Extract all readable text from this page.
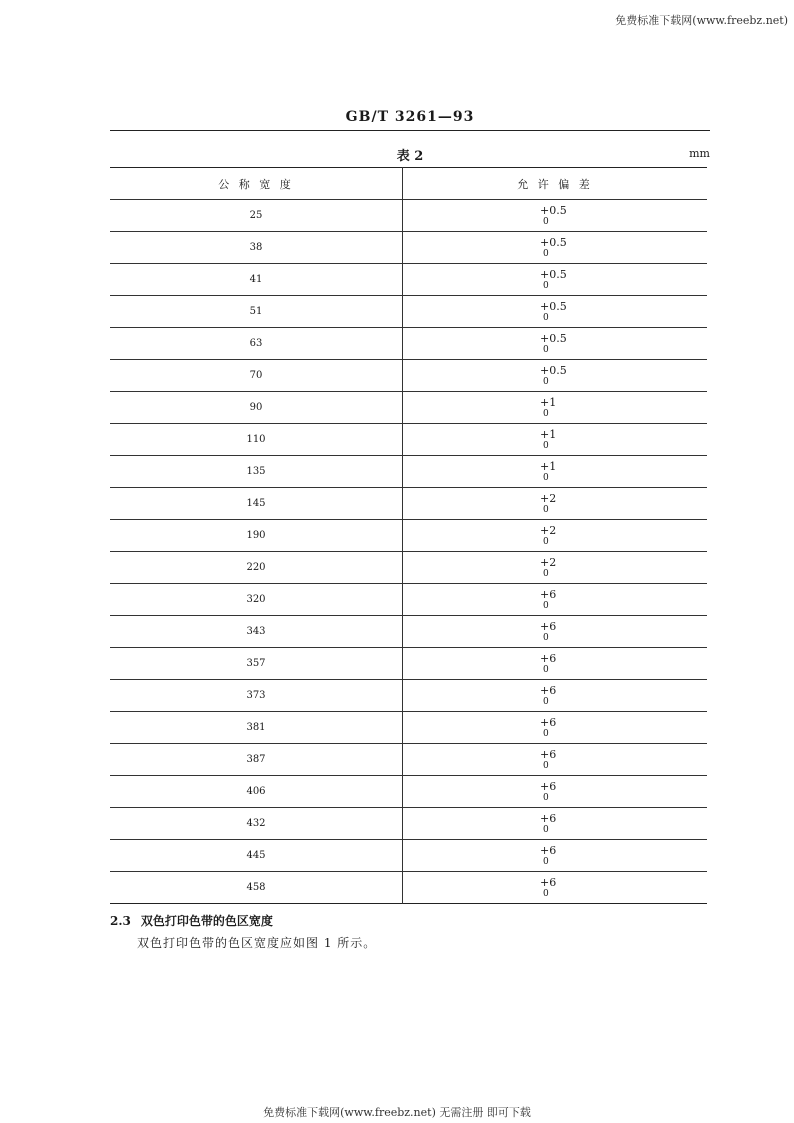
免费标准下载网(www.freebz.net)
GB/T 3261—93
表 2	mm
公 称 宽 度	允 许 偏 差
25	+0.5
0

38	+0.5
0

41	+0.5
0

51	+0.5
0

63	+0.5
0

70	+0.5
0

90	+1
0

110	+1
0

135	+1
0

145	+2
0

190	+2
0

220	+2
0

320	+6
0

343	+6
0

357	+6
0

373	+6
0

381	+6
0

387	+6
0

406	+6
0

432	+6
0

445	+6
0

458	+6
0
2.3 双色打印色带的色区宽度
双色打印色带的色区宽度应如图 1 所示。
免费标准下载网(www.freebz.net) 无需注册 即可下载
